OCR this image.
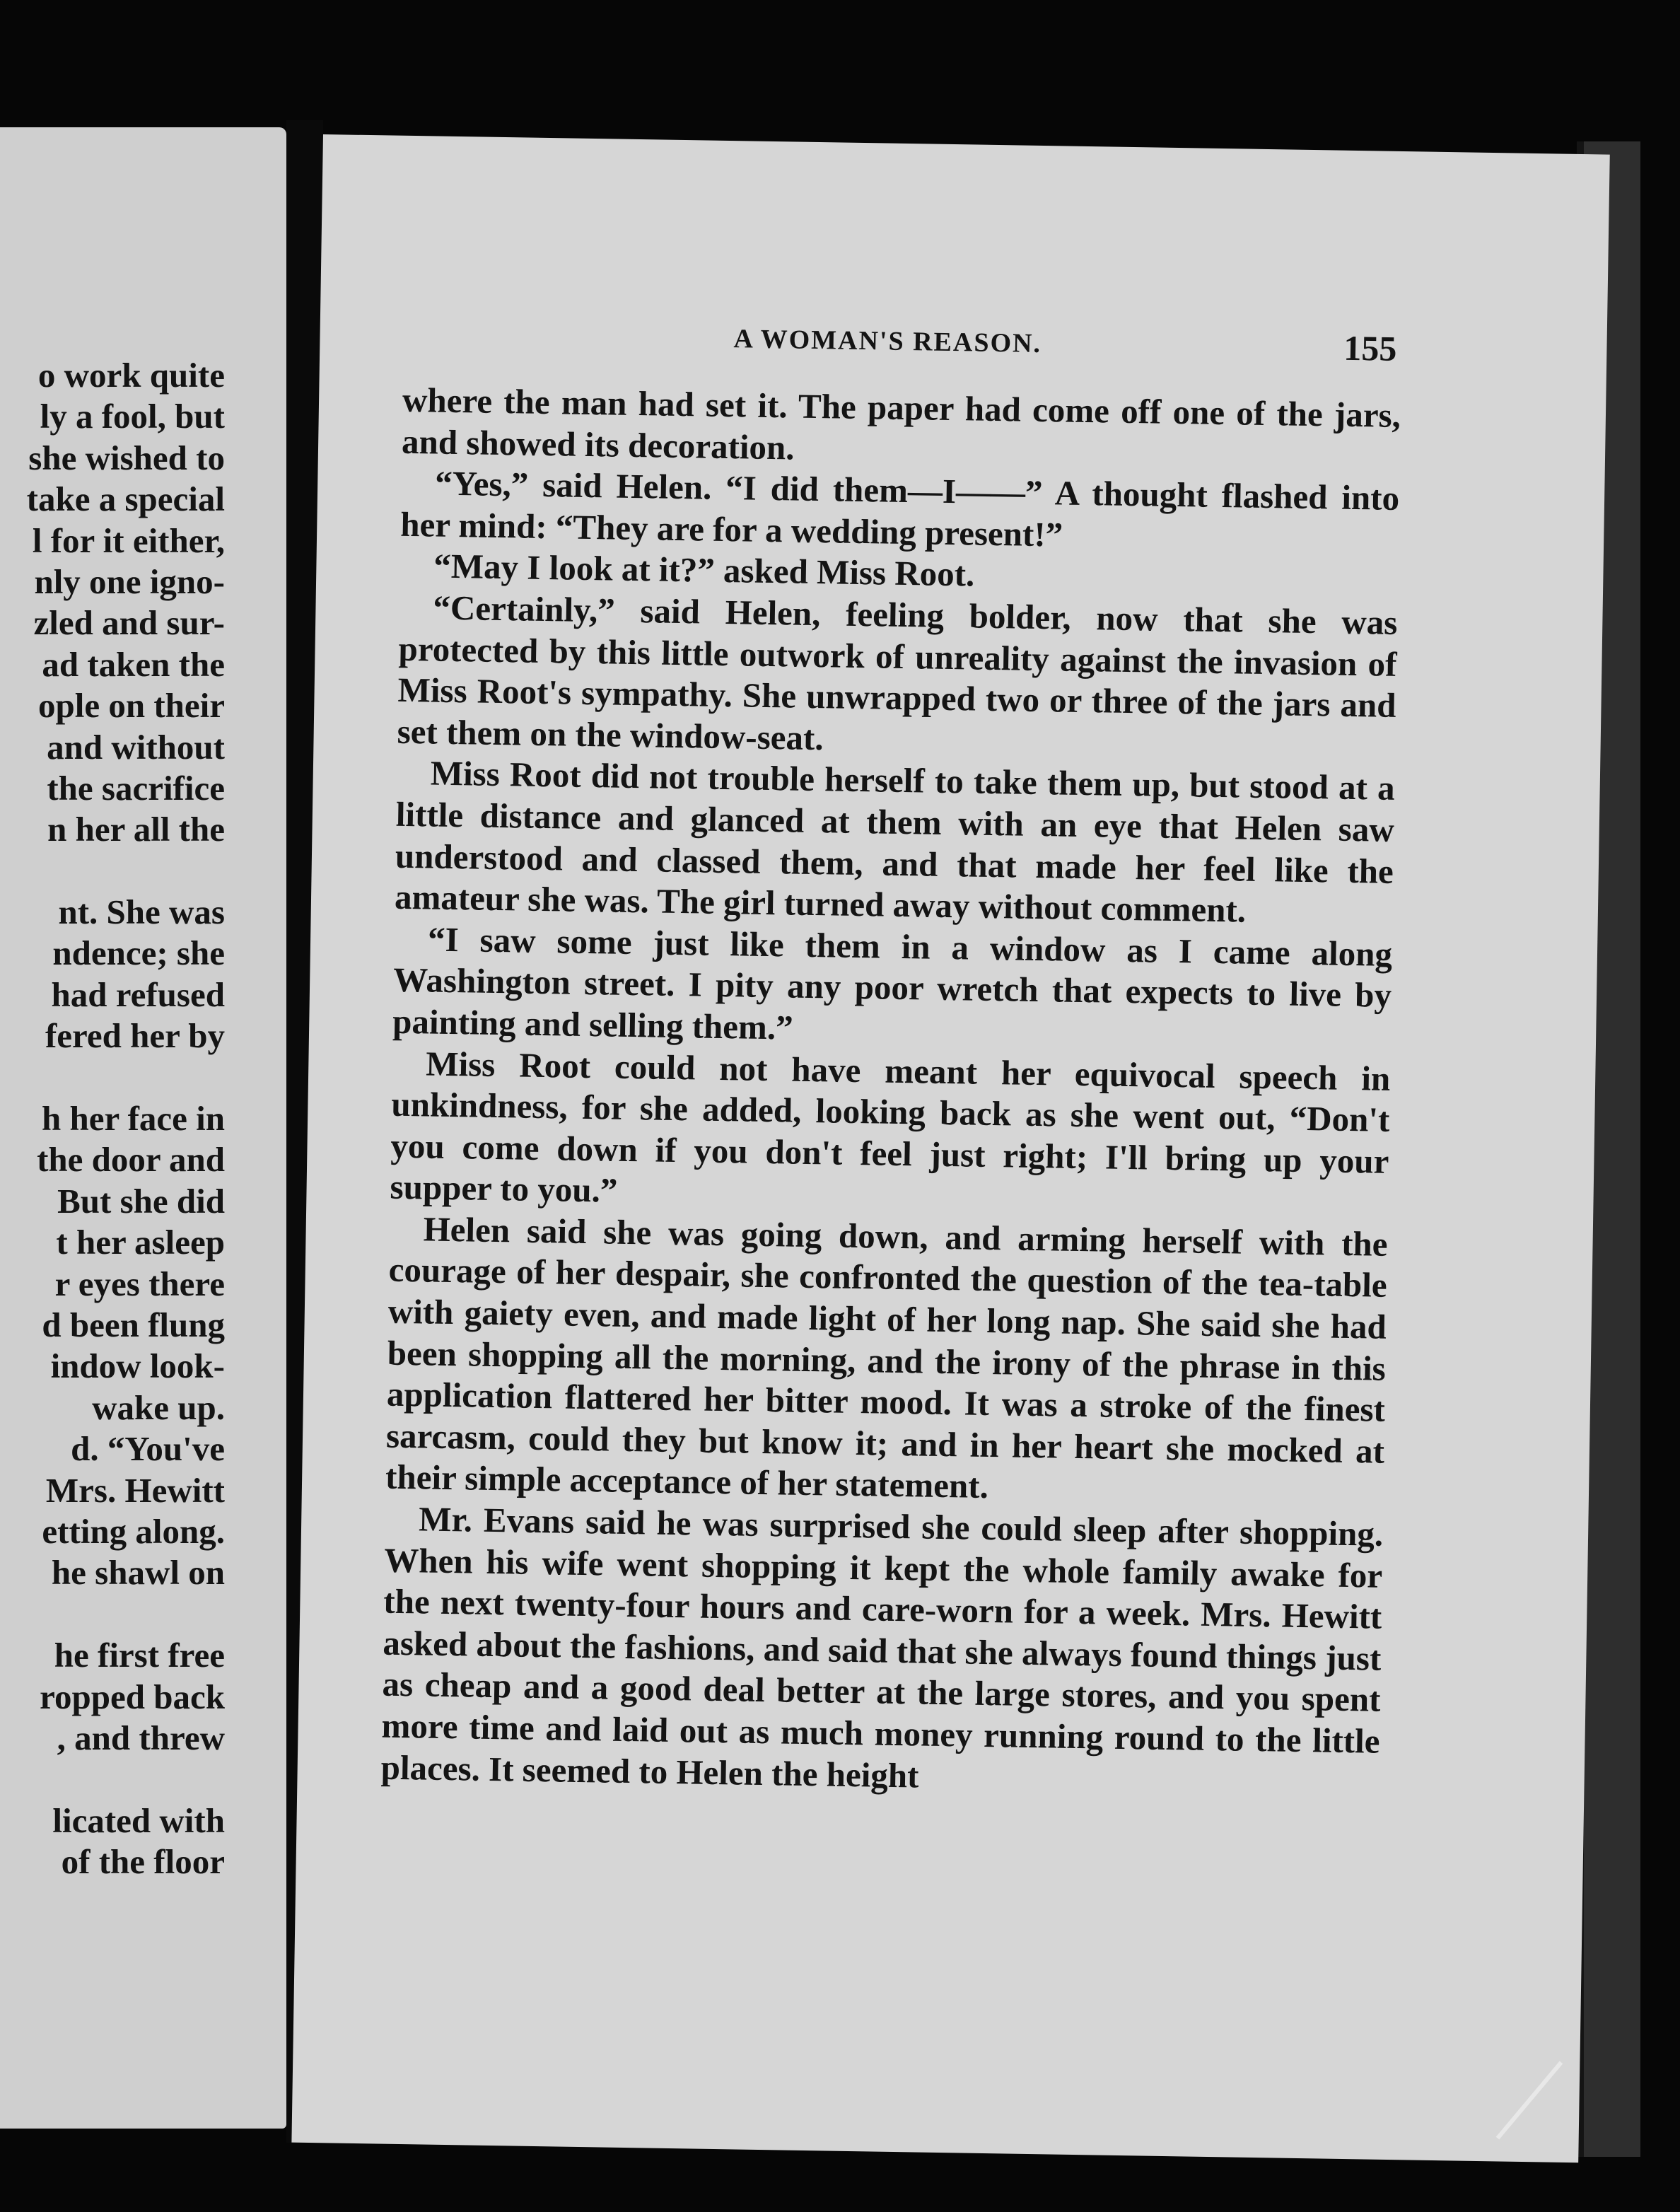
o work quite
ly a fool, but
she wished to
take a special
l for it either,
nly one igno-
zled and sur-
ad taken the
ople on their
and without
the sacrifice
n her all the
nt. She was
ndence; she
had refused
fered her by
h her face in
the door and
But she did
t her asleep
r eyes there
d been flung
indow look-
wake up.
d. “You've
Mrs. Hewitt
etting along.
he shawl on
he first free
ropped back
, and threw
licated with
of the floor
A WOMAN'S REASON.	155

where the man had set it. The paper had come off one of the jars, and showed its decoration.

“Yes,” said Helen. “I did them—I——” A thought flashed into her mind: “They are for a wedding present!”

“May I look at it?” asked Miss Root.

“Certainly,” said Helen, feeling bolder, now that she was protected by this little outwork of unreality against the invasion of Miss Root's sympathy. She unwrapped two or three of the jars and set them on the window-seat.

Miss Root did not trouble herself to take them up, but stood at a little distance and glanced at them with an eye that Helen saw understood and classed them, and that made her feel like the amateur she was. The girl turned away without comment.

“I saw some just like them in a window as I came along Washington street. I pity any poor wretch that expects to live by painting and selling them.”

Miss Root could not have meant her equivocal speech in unkindness, for she added, looking back as she went out, “Don't you come down if you don't feel just right; I'll bring up your supper to you.”

Helen said she was going down, and arming herself with the courage of her despair, she confronted the question of the tea-table with gaiety even, and made light of her long nap. She said she had been shopping all the morning, and the irony of the phrase in this application flattered her bitter mood. It was a stroke of the finest sarcasm, could they but know it; and in her heart she mocked at their simple acceptance of her statement.

Mr. Evans said he was surprised she could sleep after shopping. When his wife went shopping it kept the whole family awake for the next twenty-four hours and care-worn for a week. Mrs. Hewitt asked about the fashions, and said that she always found things just as cheap and a good deal better at the large stores, and you spent more time and laid out as much money running round to the little places. It seemed to Helen the height
